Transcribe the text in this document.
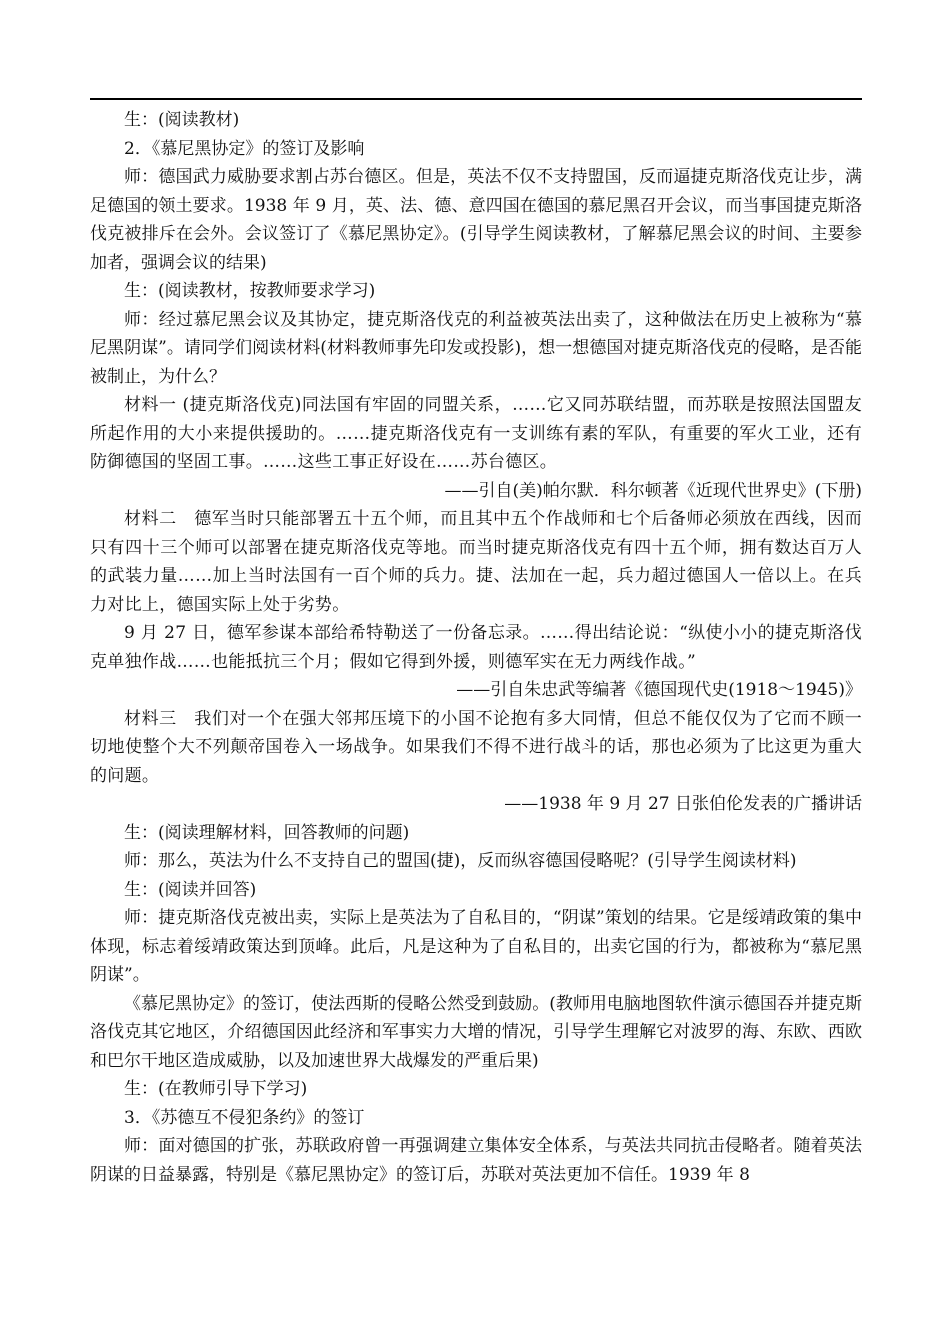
生：(阅读教材)

2．《慕尼黑协定》的签订及影响

师：德国武力威胁要求割占苏台德区。但是，英法不仅不支持盟国，反而逼捷克斯洛伐克让步，满足德国的领土要求。1938 年 9 月，英、法、德、意四国在德国的慕尼黑召开会议，而当事国捷克斯洛伐克被排斥在会外。会议签订了《慕尼黑协定》。(引导学生阅读教材，了解慕尼黑会议的时间、主要参加者，强调会议的结果)

生：(阅读教材，按教师要求学习)

师：经过慕尼黑会议及其协定，捷克斯洛伐克的利益被英法出卖了，这种做法在历史上被称为“慕尼黑阴谋”。请同学们阅读材料(材料教师事先印发或投影)，想一想德国对捷克斯洛伐克的侵略，是否能被制止，为什么？

材料一 (捷克斯洛伐克)同法国有牢固的同盟关系，……它又同苏联结盟，而苏联是按照法国盟友所起作用的大小来提供援助的。……捷克斯洛伐克有一支训练有素的军队，有重要的军火工业，还有防御德国的坚固工事。……这些工事正好设在……苏台德区。

——引自(美)帕尔默．科尔顿著《近现代世界史》(下册)

材料二　德军当时只能部署五十五个师，而且其中五个作战师和七个后备师必须放在西线，因而只有四十三个师可以部署在捷克斯洛伐克等地。而当时捷克斯洛伐克有四十五个师，拥有数达百万人的武装力量……加上当时法国有一百个师的兵力。捷、法加在一起，兵力超过德国人一倍以上。在兵力对比上，德国实际上处于劣势。

9 月 27 日，德军参谋本部给希特勒送了一份备忘录。……得出结论说：“纵使小小的捷克斯洛伐克单独作战……也能抵抗三个月；假如它得到外援，则德军实在无力两线作战。”

——引自朱忠武等编著《德国现代史(1918～1945)》

材料三　我们对一个在强大邻邦压境下的小国不论抱有多大同情，但总不能仅仅为了它而不顾一切地使整个大不列颠帝国卷入一场战争。如果我们不得不进行战斗的话，那也必须为了比这更为重大的问题。

——1938 年 9 月 27 日张伯伦发表的广播讲话

生：(阅读理解材料，回答教师的问题)

师：那么，英法为什么不支持自己的盟国(捷)，反而纵容德国侵略呢？(引导学生阅读材料)

生：(阅读并回答)

师：捷克斯洛伐克被出卖，实际上是英法为了自私目的，“阴谋”策划的结果。它是绥靖政策的集中体现，标志着绥靖政策达到顶峰。此后，凡是这种为了自私目的，出卖它国的行为，都被称为“慕尼黑阴谋”。

《慕尼黑协定》的签订，使法西斯的侵略公然受到鼓励。(教师用电脑地图软件演示德国吞并捷克斯洛伐克其它地区，介绍德国因此经济和军事实力大增的情况，引导学生理解它对波罗的海、东欧、西欧和巴尔干地区造成威胁，以及加速世界大战爆发的严重后果)

生：(在教师引导下学习)

3．《苏德互不侵犯条约》的签订

师：面对德国的扩张，苏联政府曾一再强调建立集体安全体系，与英法共同抗击侵略者。随着英法阴谋的日益暴露，特别是《慕尼黑协定》的签订后，苏联对英法更加不信任。1939 年 8
